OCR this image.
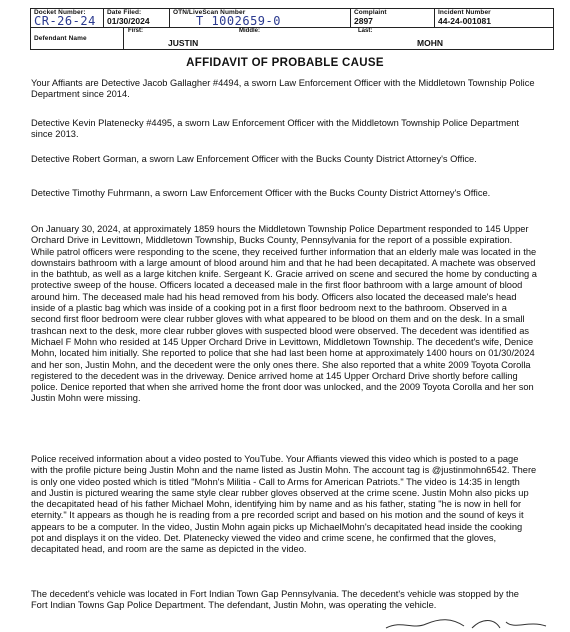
Docket Number:
CR-26-24
Date Filed:
01/30/2024
OTN/LiveScan Number
T 1002659-0
Complaint
2897
Incident Number
44-24-001081
Defendant Name
First:
JUSTIN
Middle:	Last:
MOHN
AFFIDAVIT OF PROBABLE CAUSE

Your Affiants are Detective Jacob Gallagher #4494, a sworn Law Enforcement Officer with the Middletown Township Police Department since 2014.

Detective Kevin Platenecky #4495, a sworn Law Enforcement Officer with the Middletown Township Police Department since 2013.

Detective Robert Gorman, a sworn Law Enforcement Officer with the Bucks County District Attorney's Office.

Detective Timothy Fuhrmann, a sworn Law Enforcement Officer with the Bucks County District Attorney's Office.

On January 30, 2024, at approximately 1859 hours the Middletown Township Police Department responded to 145 Upper Orchard Drive in Levittown, Middletown Township, Bucks County, Pennsylvania for the report of a possible expiration. While patrol officers were responding to the scene, they received further information that an elderly male was located in the downstairs bathroom with a large amount of blood around him and that he had been decapitated. A machete was observed in the bathtub, as well as a large kitchen knife. Sergeant K. Gracie arrived on scene and secured the home by conducting a protective sweep of the house. Officers located a deceased male in the first floor bathroom with a large amount of blood around him. The deceased male had his head removed from his body. Officers also located the deceased male's head inside of a plastic bag which was inside of a cooking pot in a first floor bedroom next to the bathroom. Observed in a second first floor bedroom were clear rubber gloves with what appeared to be blood on them and on the desk. In a small trashcan next to the desk, more clear rubber gloves with suspected blood were observed. The decedent was identified as Michael F Mohn who resided at 145 Upper Orchard Drive in Levittown, Middletown Township. The decedent's wife, Denice Mohn, located him initially. She reported to police that she had last been home at approximately 1400 hours on 01/30/2024 and her son, Justin Mohn, and the decedent were the only ones there. She also reported that a white 2009 Toyota Corolla registered to the decedent was in the driveway. Denice arrived home at 145 Upper Orchard Drive shortly before calling police. Denice reported that when she arrived home the front door was unlocked, and the 2009 Toyota Corolla and her son Justin Mohn were missing.

Police received information about a video posted to YouTube. Your Affiants viewed this video which is posted to a page with the profile picture being Justin Mohn and the name listed as Justin Mohn. The account tag is @justinmohn6542. There is only one video posted which is titled "Mohn's Militia - Call to Arms for American Patriots." The video is 14:35 in length and Justin is pictured wearing the same style clear rubber gloves observed at the crime scene. Justin Mohn also picks up the decapitated head of his father Michael Mohn, identifying him by name and as his father, stating "he is now in hell for eternity." It appears as though he is reading from a pre recorded script and based on his motion and the sound of keys it appears to be a computer. In the video, Justin Mohn again picks up MichaelMohn's decapitated head inside the cooking pot and displays it on the video. Det. Platenecky viewed the video and crime scene, he confirmed that the gloves, decapitated head, and room are the same as depicted in the video.

The decedent's vehicle was located in Fort Indian Town Gap Pennsylvania. The decedent's vehicle was stopped by the Fort Indian Towns Gap Police Department. The defendant, Justin Mohn, was operating the vehicle.
